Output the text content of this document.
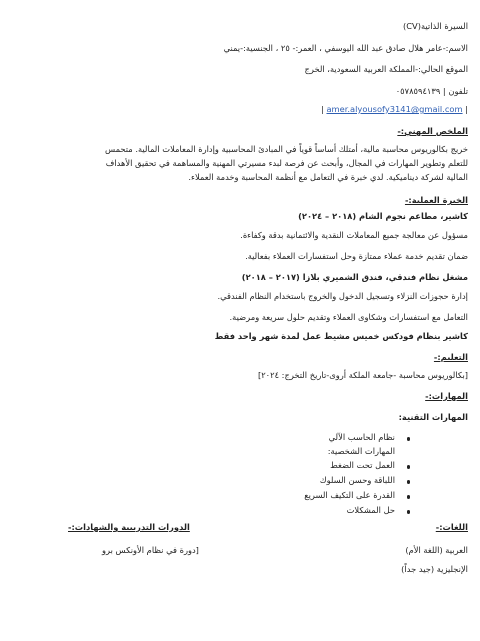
السيرة الذاتية(CV)
الاسم:-عامر هلال صادق عبد الله اليوسفي ، العمر:- ٢٥ ، الجنسية:-يمني
الموقع الحالي:-المملكة العربية السعودية، الخرج
تلفون | ٠٥٧٨٥٩٤١٣٩
| amer.alyousofy3141@gmail.com |
الملخص المهني:-
خريج بكالوريوس محاسبة مالية، أمتلك أساساً قوياً في المبادئ المحاسبية وإدارة المعاملات المالية. متحمس
للتعلم وتطوير المهارات في المجال، وأبحث عن فرصة لبدء مسيرتي المهنية والمساهمة في تحقيق الأهداف
المالية لشركة ديناميكية. لدي خبرة في التعامل مع أنظمة المحاسبة وخدمة العملاء.
الخبرة العملية:-
كاشير، مطاعم نجوم الشام (٢٠١٨ – ٢٠٢٤)
مسؤول عن معالجة جميع المعاملات النقدية والائتمانية بدقة وكفاءة.
ضمان تقديم خدمة عملاء ممتازة وحل استفسارات العملاء بفعالية.
مشغل نظام فندقي، فندق الشميري بلازا (٢٠١٧ – ٢٠١٨)
إدارة حجوزات النزلاء وتسجيل الدخول والخروج باستخدام النظام الفندقي.
التعامل مع استفسارات وشكاوى العملاء وتقديم حلول سريعة ومرضية.
كاشير بنظام فودكس خميس مشيط عمل لمدة شهر واحد فقط
التعليم:-
[بكالوريوس محاسبة -جامعة الملكة أروى-تاريخ التخرج: ٢٠٢٤]
المهارات:-
المهارات التقنية:
نظام الحاسب الآلي
المهارات الشخصية:
العمل تحت الضغط
اللباقة وحسن السلوك
القدرة على التكيف السريع
حل المشكلات
اللغات:-
الدورات التدريبية والشهادات:-
العربية (اللغة الأم)
[دورة في نظام الأونكس برو
الإنجليزية (جيد جداً)
